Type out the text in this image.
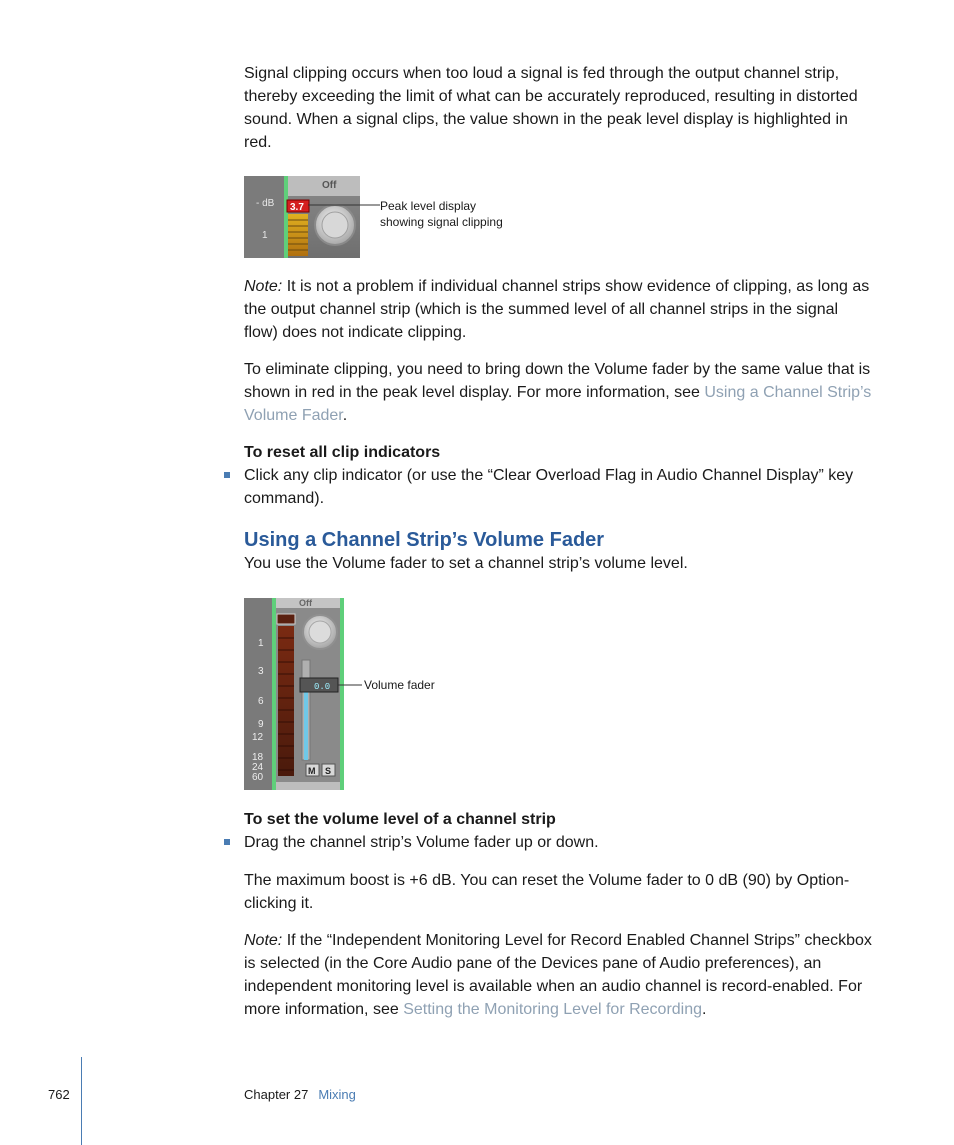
Signal clipping occurs when too loud a signal is fed through the output channel strip, thereby exceeding the limit of what can be accurately reproduced, resulting in distorted sound. When a signal clips, the value shown in the peak level display is highlighted in red.

Off
- dB
1
3.7	Peak level display
showing signal clipping

Note: It is not a problem if individual channel strips show evidence of clipping, as long as the output channel strip (which is the summed level of all channel strips in the signal flow) does not indicate clipping.

To eliminate clipping, you need to bring down the Volume fader by the same value that is shown in red in the peak level display. For more information, see Using a Channel Strip’s Volume Fader.

To reset all clip indicators

Click any clip indicator (or use the “Clear Overload Flag in Audio Channel Display” key command).
Using a Channel Strip’s Volume Fader

You use the Volume fader to set a channel strip’s volume level.

Off
1
3
6
9
12
18
24
60
0.0
M S
Volume fader

To set the volume level of a channel strip

Drag the channel strip’s Volume fader up or down.

The maximum boost is +6 dB. You can reset the Volume fader to 0 dB (90) by Option-clicking it.

Note: If the “Independent Monitoring Level for Record Enabled Channel Strips” checkbox is selected (in the Core Audio pane of the Devices pane of Audio preferences), an independent monitoring level is available when an audio channel is record-enabled. For more information, see Setting the Monitoring Level for Recording.

762	Chapter 27 Mixing
